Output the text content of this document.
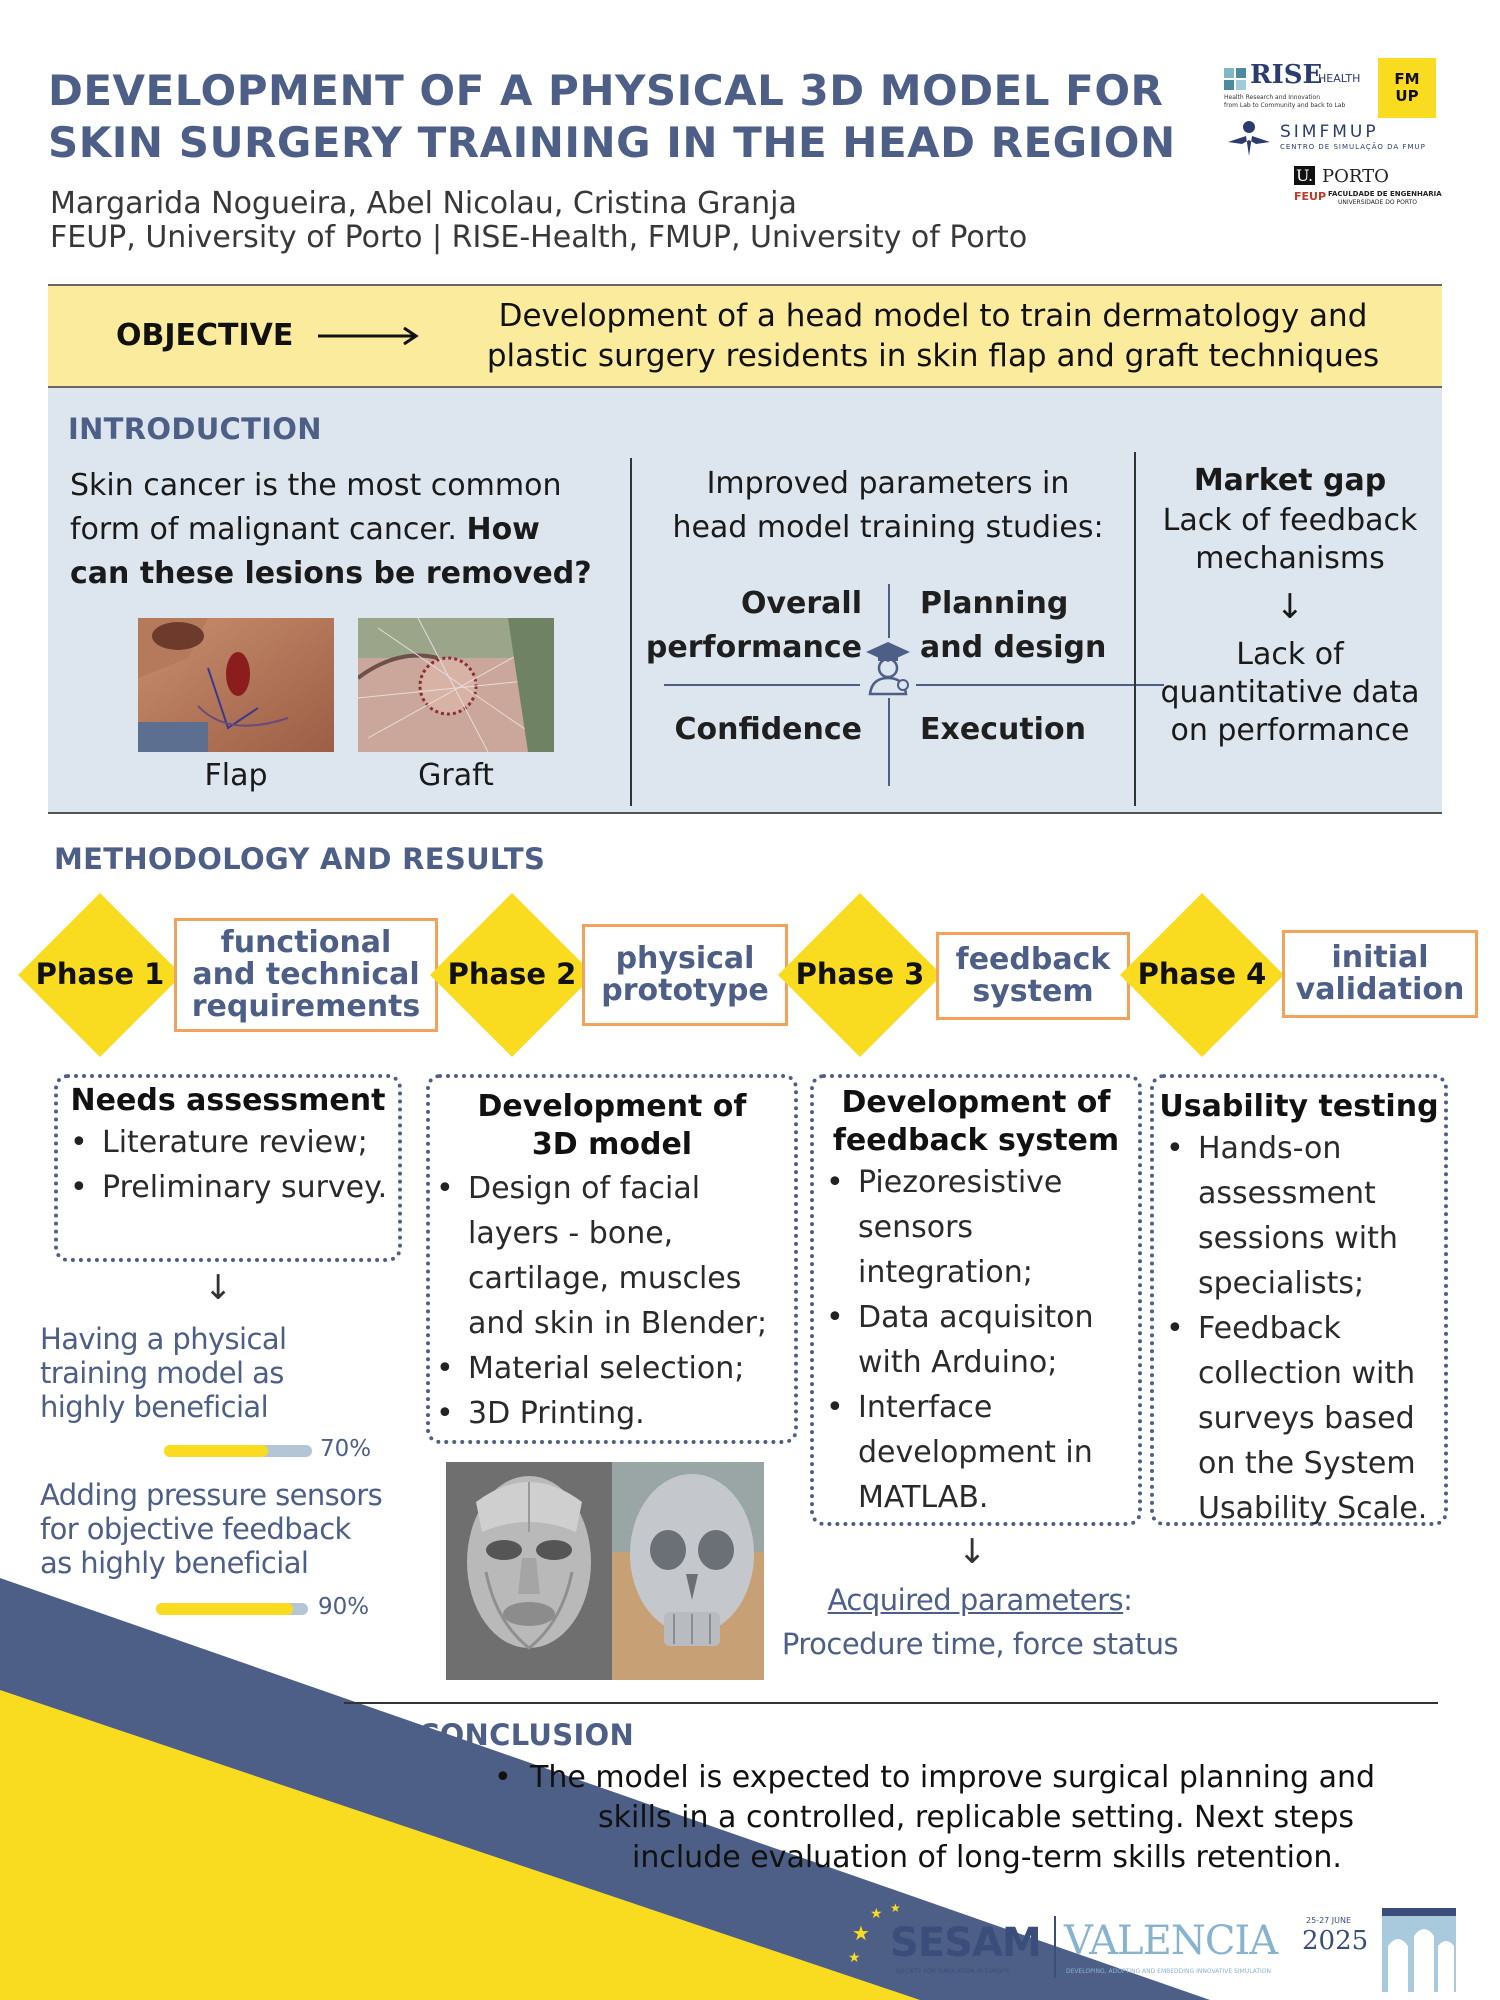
DEVELOPMENT OF A PHYSICAL 3D MODEL FOR
SKIN SURGERY TRAINING IN THE HEAD REGION
Margarida Nogueira, Abel Nicolau, Cristina Granja
FEUP, University of Porto | RISE-Health, FMUP, University of Porto
RISE
HEALTH
Health Research and Innovation
from Lab to Community and back to Lab
FM UP
SIMFMUP
CENTRO DE SIMULAÇÃO DA FMUP
U. PORTO
FEUP FACULDADE DE ENGENHARIA
UNIVERSIDADE DO PORTO
OBJECTIVE
Development of a head model to train dermatology and
plastic surgery residents in skin flap and graft techniques
INTRODUCTION
Skin cancer is the most common
form of malignant cancer. How
can these lesions be removed?
Flap	Graft
Improved parameters in
head model training studies:
Overall
performance
Planning
and design
Confidence Execution
Market gap
Lack of feedback
mechanisms
↓
Lack of
quantitative data
on performance
METHODOLOGY AND RESULTS
Phase 1
functional
and technical
requirements
Phase 2 physical
prototype Phase 3 feedback
system Phase 4 initial
validation
Needs assessment
• Literature review;
• Preliminary survey.
↓
Having a physical
training model as
highly beneficial
70%
Adding pressure sensors
for objective feedback
as highly beneficial
90%
Development of
3D model
• Design of facial layers - bone, cartilage, muscles and skin in Blender;
• Material selection;
• 3D Printing.
Development of
feedback system
• Piezoresistive sensors integration;
• Data acquisiton with Arduino;
• Interface development in MATLAB.
↓
Acquired parameters:
Procedure time, force status
Usability testing
• Hands-on assessment sessions with specialists;
• Feedback collection with surveys based on the System Usability Scale.
CONCLUSION
• The model is expected to improve surgical planning and
skills in a controlled, replicable setting. Next steps
include evaluation of long-term skills retention.
★
★ ★
★ SESAM
SOCIETY FOR SIMULATION IN EUROPE
VALENCIA	25-27 JUNE
2025
DEVELOPING, ADOPTING AND EMBEDDING INNOVATIVE SIMULATION
